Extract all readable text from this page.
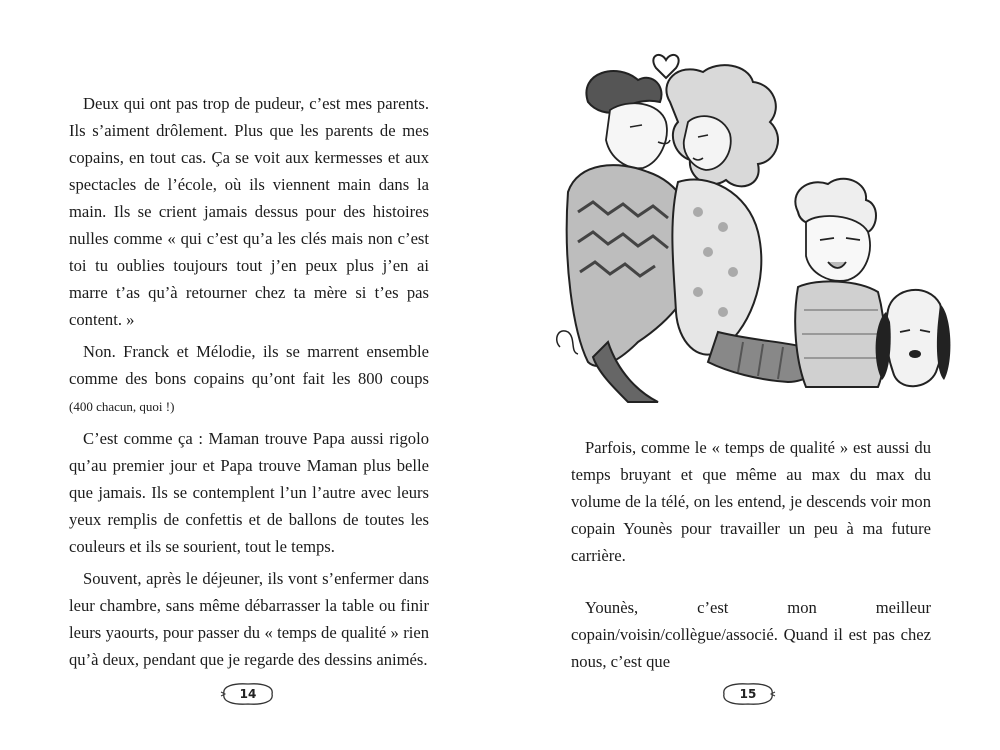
Deux qui ont pas trop de pudeur, c’est mes parents. Ils s’aiment drôlement. Plus que les parents de mes copains, en tout cas. Ça se voit aux kermesses et aux spectacles de l’école, où ils viennent main dans la main. Ils se crient jamais dessus pour des histoires nulles comme « qui c’est qu’a les clés mais non c’est toi tu oublies toujours tout j’en peux plus j’en ai marre t’as qu’à retourner chez ta mère si t’es pas content. »

Non. Franck et Mélodie, ils se marrent ensemble comme des bons copains qu’ont fait les 800 coups (400 chacun, quoi !)

C’est comme ça : Maman trouve Papa aussi rigolo qu’au premier jour et Papa trouve Maman plus belle que jamais. Ils se contemplent l’un l’autre avec leurs yeux remplis de confettis et de ballons de toutes les couleurs et ils se sourient, tout le temps.

Souvent, après le déjeuner, ils vont s’enfermer dans leur chambre, sans même débarrasser la table ou finir leurs yaourts, pour passer du « temps de qualité » rien qu’à deux, pendant que je regarde des dessins animés.

Parfois, comme le « temps de qualité » est aussi du temps bruyant et que même au max du max du volume de la télé, on les entend, je descends voir mon copain Younès pour travailler un peu à ma future carrière.

Younès, c’est mon meilleur copain/voisin/collègue/associé. Quand il est pas chez nous, c’est que

14	15
